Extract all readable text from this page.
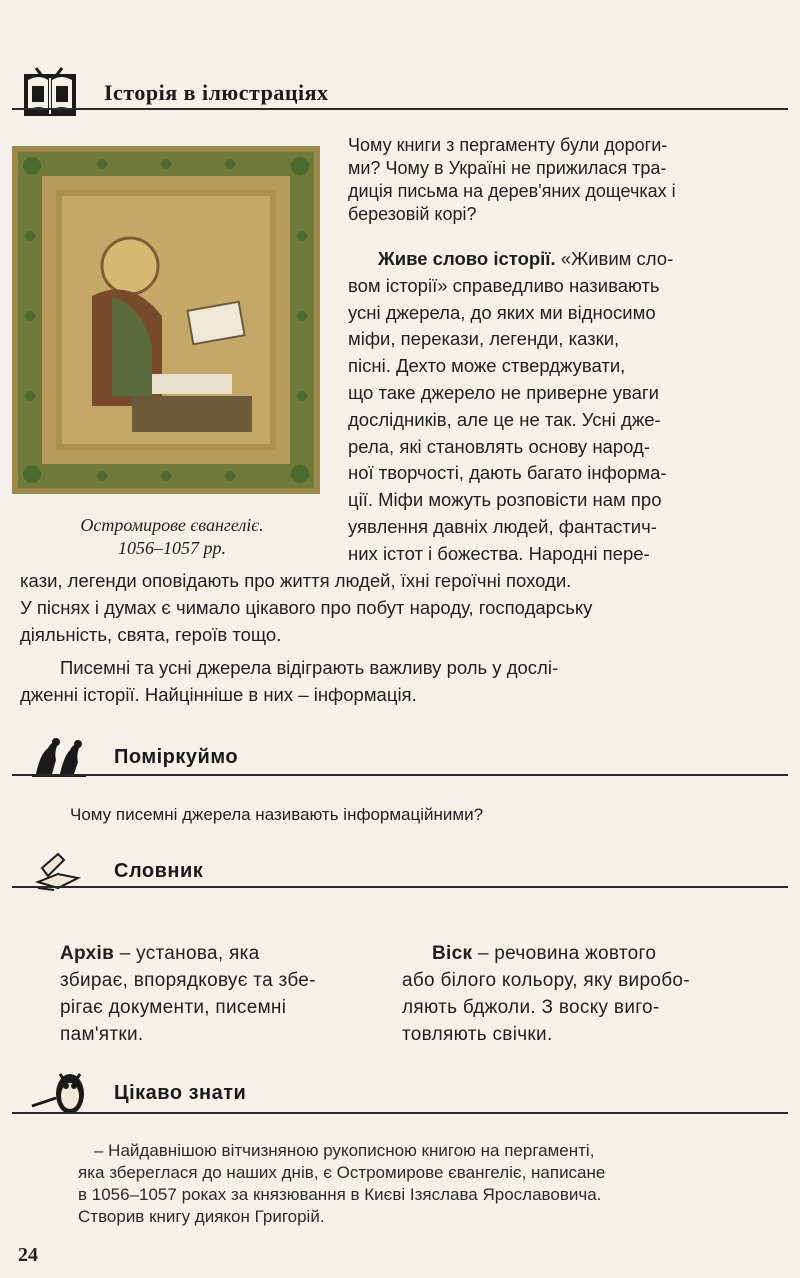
Історія в ілюстраціях
Остромирове євангеліє.
1056–1057 рр.
Чому книги з пергаменту були дороги-
ми? Чому в Україні не прижилася тра-
диція письма на дерев'яних дощечках і
березовій корі?
Живе слово історії. «Живим сло-
вом історії» справедливо називають
усні джерела, до яких ми відносимо
міфи, перекази, легенди, казки,
пісні. Дехто може стверджувати,
що таке джерело не приверне уваги
дослідників, але це не так. Усні дже-
рела, які становлять основу народ-
ної творчості, дають багато інформа-
ції. Міфи можуть розповісти нам про
уявлення давніх людей, фантастич-
них істот і божества. Народні пере-
кази, легенди оповідають про життя людей, їхні героїчні походи.
У піснях і думах є чимало цікавого про побут народу, господарську
діяльність, свята, героїв тощо.
Писемні та усні джерела відіграють важливу роль у дослі-
дженні історії. Найцінніше в них – інформація.
Поміркуймо
Чому писемні джерела називають інформаційними?
Словник
Архів – установа, яка
збирає, впорядковує та збе-
рігає документи, писемні
пам'ятки.
Віск – речовина жовтого
або білого кольору, яку виробо-
ляють бджоли. З воску виго-
товляють свічки.
Цікаво знати
– Найдавнішою вітчизняною рукописною книгою на пергаменті,
яка збереглася до наших днів, є Остромирове євангеліє, написане
в 1056–1057 роках за князювання в Києві Ізяслава Ярославовича.
Створив книгу диякон Григорій.
24
